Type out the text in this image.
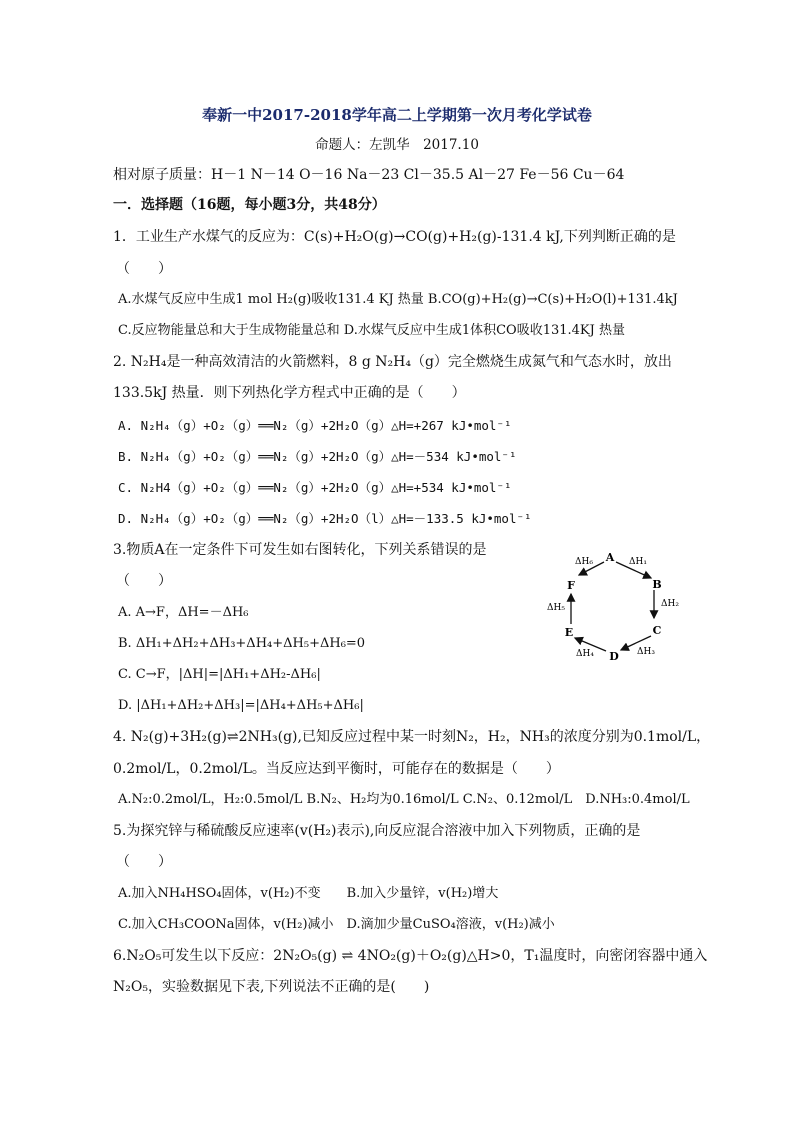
奉新一中2017-2018学年高二上学期第一次月考化学试卷
命题人：左凯华　2017.10
相对原子质量：H－1 N－14 O－16 Na－23 Cl－35.5 Al－27 Fe－56 Cu－64
一．选择题（16题，每小题3分，共48分）
1．工业生产水煤气的反应为：C(s)+H₂O(g)→CO(g)+H₂(g)-131.4 kJ,下列判断正确的是
（　　）
A.水煤气反应中生成1 mol H₂(g)吸收131.4 KJ 热量 B.CO(g)+H₂(g)→C(s)+H₂O(l)+131.4kJ
C.反应物能量总和大于生成物能量总和 D.水煤气反应中生成1体积CO吸收131.4KJ 热量
2. N₂H₄是一种高效清洁的火箭燃料，8 g N₂H₄（g）完全燃烧生成氮气和气态水时，放出
133.5kJ 热量．则下列热化学方程式中正确的是（　　）
A. N₂H₄（g）+O₂（g）══N₂（g）+2H₂O（g）△H=+267 kJ•mol⁻¹
B. N₂H₄（g）+O₂（g）══N₂（g）+2H₂O（g）△H=－534 kJ•mol⁻¹
C. N₂H4（g）+O₂（g）══N₂（g）+2H₂O（g）△H=+534 kJ•mol⁻¹
D. N₂H₄（g）+O₂（g）══N₂（g）+2H₂O（l）△H=－133.5 kJ•mol⁻¹
3.物质A在一定条件下可发生如右图转化，下列关系错误的是
（　　）
A. A→F，ΔH=－ΔH₆
B. ΔH₁+ΔH₂+ΔH₃+ΔH₄+ΔH₅+ΔH₆=0
C. C→F，|ΔH|=|ΔH₁+ΔH₂-ΔH₆|
D. |ΔH₁+ΔH₂+ΔH₃|=|ΔH₄+ΔH₅+ΔH₆|
A
B
C
D
E
F
ΔH₁
ΔH₂
ΔH₃
ΔH₄
ΔH₅
ΔH₆
4. N₂(g)+3H₂(g)⇌2NH₃(g),已知反应过程中某一时刻N₂，H₂，NH₃的浓度分别为0.1mol/L，
0.2mol/L，0.2mol/L。当反应达到平衡时，可能存在的数据是（　　）
A.N₂:0.2mol/L，H₂:0.5mol/L B.N₂、H₂均为0.16mol/L C.N₂、0.12mol/L　D.NH₃:0.4mol/L
5.为探究锌与稀硫酸反应速率(v(H₂)表示),向反应混合溶液中加入下列物质，正确的是
（　　）
A.加入NH₄HSO₄固体，v(H₂)不变　　B.加入少量锌，v(H₂)增大
C.加入CH₃COONa固体，v(H₂)减小　D.滴加少量CuSO₄溶液，v(H₂)减小
6.N₂O₅可发生以下反应：2N₂O₅(g) ⇌ 4NO₂(g)＋O₂(g)△H>0，T₁温度时，向密闭容器中通入
N₂O₅，实验数据见下表,下列说法不正确的是(　　)
